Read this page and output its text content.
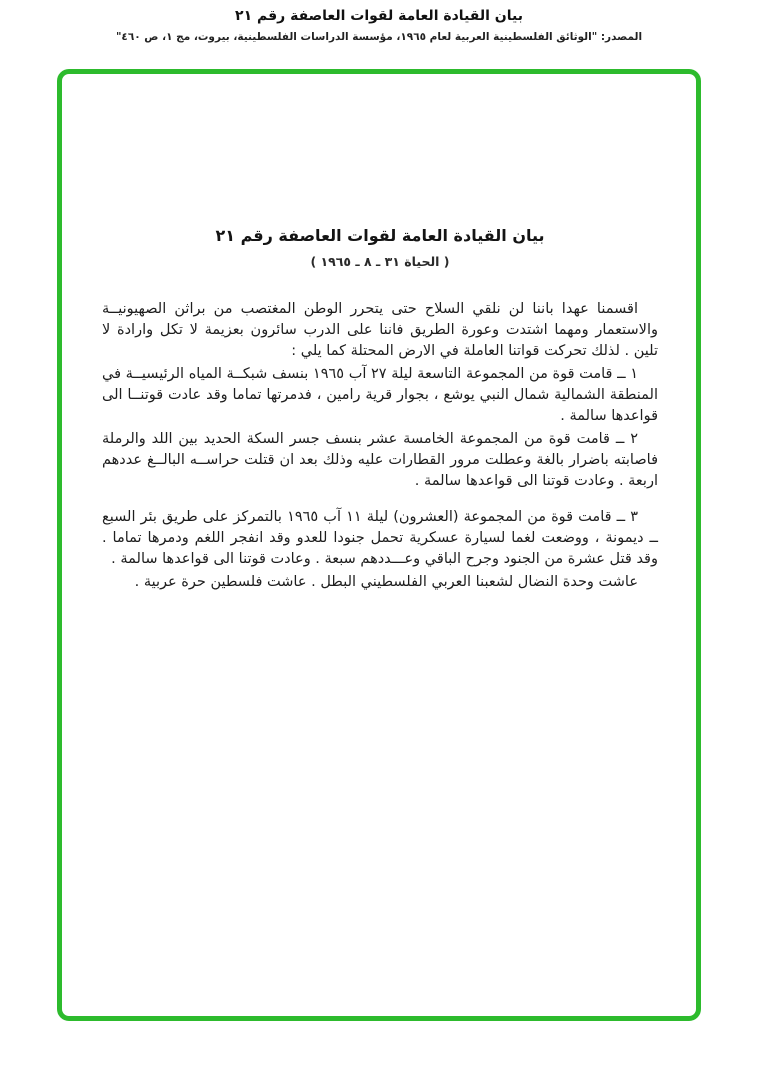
بيان القيادة العامة لقوات العاصفة رقم ٢١
المصدر: "الوثائق الفلسطينية العربية لعام ١٩٦٥، مؤسسة الدراسات الفلسطينية، بيروت، مج ١، ص ٤٦٠"
بيان القيادة العامة لقوات العاصفة رقم ٢١
( الحياة ٣١ ـ ٨ ـ ١٩٦٥ )

اقسمنا عهدا باننا لن نلقي السلاح حتى يتحرر الوطن المغتصب من براثن الصهيونيــة والاستعمار ومهما اشتدت وعورة الطريق فاننا على الدرب سائرون بعزيمة لا تكل وارادة لا تلين . لذلك تحركت قواتنا العاملة في الارض المحتلة كما يلي :

١ ــ قامت قوة من المجموعة التاسعة ليلة ٢٧ آب ١٩٦٥ بنسف شبكــة المياه الرئيسيــة في المنطقة الشمالية شمال النبي يوشع ، بجوار قرية رامين ، فدمرتها تماما وقد عادت قوتنــا الى قواعدها سالمة .

٢ ــ قامت قوة من المجموعة الخامسة عشر بنسف جسر السكة الحديد بين اللد والرملة فاصابته باضرار بالغة وعطلت مرور القطارات عليه وذلك بعد ان قتلت حراســه البالــغ عددهم اربعة . وعادت قوتنا الى قواعدها سالمة .

٣ ــ قامت قوة من المجموعة (العشرون) ليلة ١١ آب ١٩٦٥ بالتمركز على طريق بئر السبع ــ ديمونة ، ووضعت لغما لسيارة عسكرية تحمل جنودا للعدو وقد انفجر اللغم ودمرها تماما . وقد قتل عشرة من الجنود وجرح الباقي وعـــددهم سبعة . وعادت قوتنا الى قواعدها سالمة .

عاشت وحدة النضال لشعبنا العربي الفلسطيني البطل . عاشت فلسطين حرة عربية .
